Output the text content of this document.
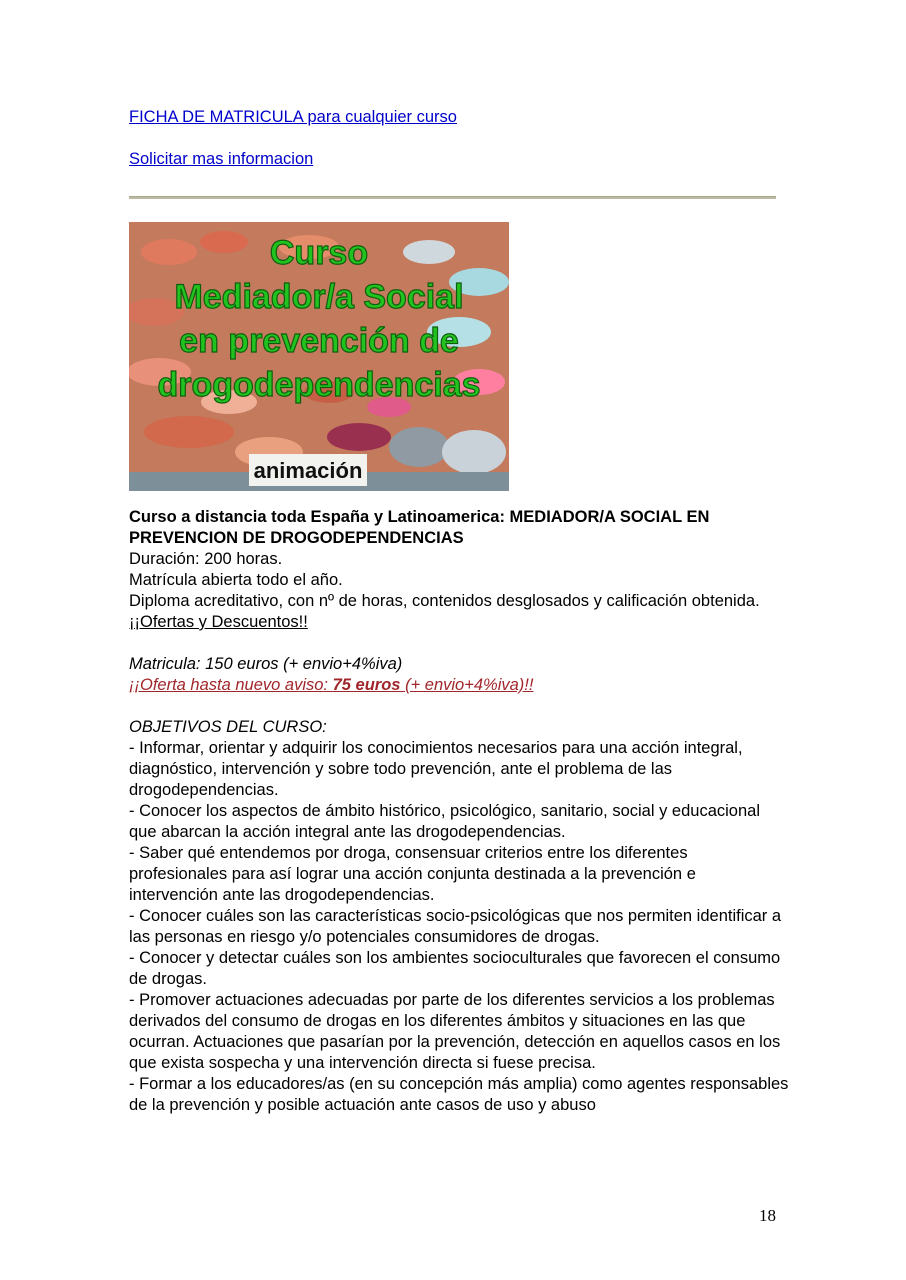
FICHA DE MATRICULA para cualquier curso
Solicitar mas informacion
Curso
Mediador/a Social
en prevención de
drogodependencias
animación

Curso a distancia toda España y Latinoamerica: MEDIADOR/A SOCIAL EN PREVENCION DE DROGODEPENDENCIAS

Duración: 200 horas.

Matrícula abierta todo el año.

Diploma acreditativo, con nº de horas, contenidos desglosados y calificación obtenida.

¡¡Ofertas y Descuentos!!

Matricula: 150 euros (+ envio+4%iva)

¡¡Oferta hasta nuevo aviso: 75 euros (+ envio+4%iva)!!

OBJETIVOS DEL CURSO:

- Informar, orientar y adquirir los conocimientos necesarios para una acción integral, diagnóstico, intervención y sobre todo prevención, ante el problema de las drogodependencias.

- Conocer los aspectos de ámbito histórico, psicológico, sanitario, social y educacional que abarcan la acción integral ante las drogodependencias.

- Saber qué entendemos por droga, consensuar criterios entre los diferentes profesionales para así lograr una acción conjunta destinada a la prevención e intervención ante las drogodependencias.

- Conocer cuáles son las características socio-psicológicas que nos permiten identificar a las personas en riesgo y/o potenciales consumidores de drogas.

- Conocer y detectar cuáles son los ambientes socioculturales que favorecen el consumo de drogas.

- Promover actuaciones adecuadas por parte de los diferentes servicios a los problemas derivados del consumo de drogas en los diferentes ámbitos y situaciones en las que ocurran. Actuaciones que pasarían por la prevención, detección en aquellos casos en los que exista sospecha y una intervención directa si fuese precisa.

- Formar a los educadores/as (en su concepción más amplia) como agentes responsables de la prevención y posible actuación ante casos de uso y abuso

18
